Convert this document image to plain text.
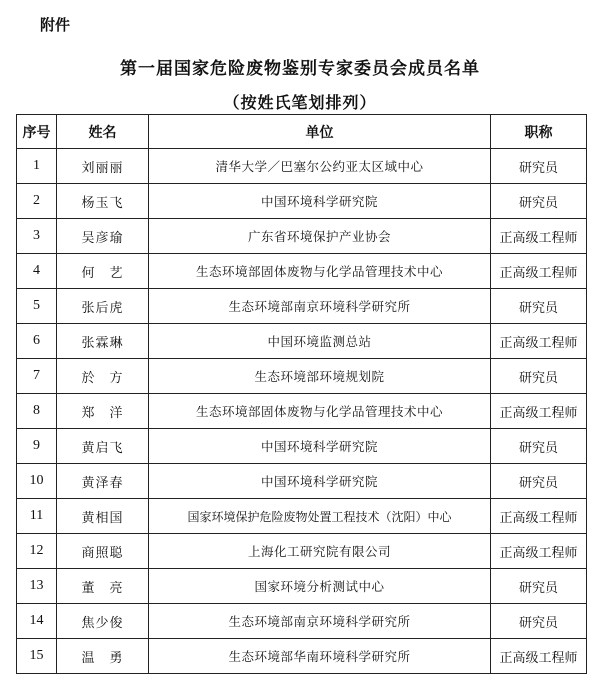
附件
第一届国家危险废物鉴别专家委员会成员名单
（按姓氏笔划排列）
序号	姓名	单位	职称
1	刘丽丽	清华大学／巴塞尔公约亚太区域中心	研究员
2	杨玉飞	中国环境科学研究院	研究员
3	吴彦瑜	广东省环境保护产业协会	正高级工程师
4	何　艺	生态环境部固体废物与化学品管理技术中心	正高级工程师
5	张后虎	生态环境部南京环境科学研究所	研究员
6	张霖琳	中国环境监测总站	正高级工程师
7	於　方	生态环境部环境规划院	研究员
8	郑　洋	生态环境部固体废物与化学品管理技术中心	正高级工程师
9	黄启飞	中国环境科学研究院	研究员
10	黄泽春	中国环境科学研究院	研究员
11	黄相国	国家环境保护危险废物处置工程技术（沈阳）中心	正高级工程师
12	商照聪	上海化工研究院有限公司	正高级工程师
13	董　亮	国家环境分析测试中心	研究员
14	焦少俊	生态环境部南京环境科学研究所	研究员
15	温　勇	生态环境部华南环境科学研究所	正高级工程师
